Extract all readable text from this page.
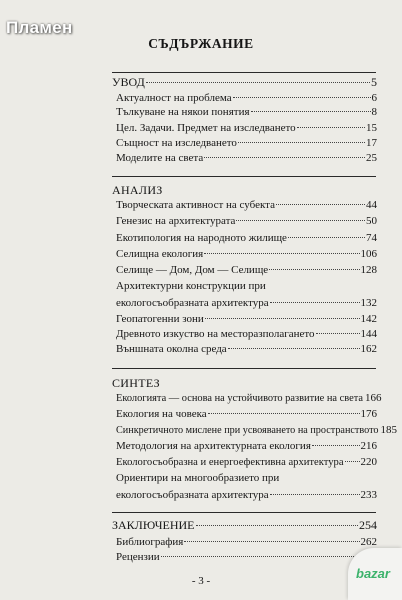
Пламен
СЪДЪРЖАНИЕ
УВОД	5
Актуалност на проблема	6
Тълкуване на някои понятия	8
Цел. Задачи. Предмет на изследването	15
Същност на изследването	17
Моделите на света	25
АНАЛИЗ
Творческата активност на субекта	44
Генезис на архитектурата	50
Екотипология на народното жилище	74
Селищна екология	106
Селище — Дом, Дом — Селище	128
Архитектурни конструкции при
екологосъобразната архитектура	132
Геопатогенни зони	142
Древното изкуство на месторазполагането	144
Външната околна среда	162
СИНТЕЗ
Екологията — основа на устойчивото развитие на света 166
Екология на човека	176
Синкретичното мислене при усвояването на пространството 185
Методология на архитектурната екология	216
Екологосъобразна и енергоефективна архитектура 220
Ориентири на многообразието при
екологосъобразната архитектура	233
ЗАКЛЮЧЕНИЕ	254
Библиография	262
Рецензии
- 3 -	bazar
